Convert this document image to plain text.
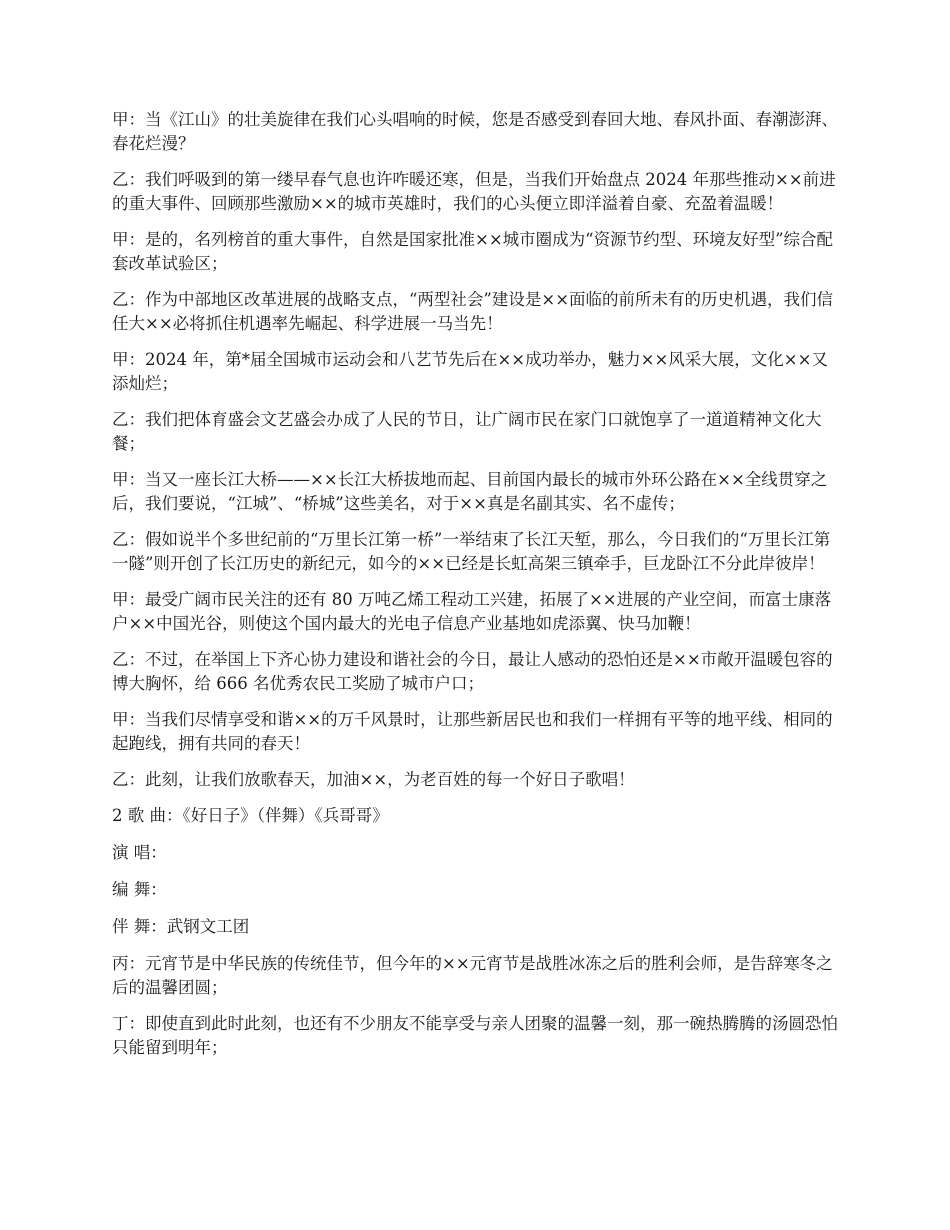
甲：当《江山》的壮美旋律在我们心头唱响的时候，您是否感受到春回大地、春风扑面、春潮澎湃、春花烂漫？

乙：我们呼吸到的第一缕早春气息也许咋暖还寒，但是，当我们开始盘点 2024 年那些推动××前进的重大事件、回顾那些激励××的城市英雄时，我们的心头便立即洋溢着自豪、充盈着温暖！

甲：是的，名列榜首的重大事件，自然是国家批准××城市圈成为“资源节约型、环境友好型”综合配套改革试验区；

乙：作为中部地区改革进展的战略支点，“两型社会”建设是××面临的前所未有的历史机遇，我们信任大××必将抓住机遇率先崛起、科学进展一马当先！

甲：2024 年，第*届全国城市运动会和八艺节先后在××成功举办，魅力××风采大展，文化××又添灿烂；

乙：我们把体育盛会文艺盛会办成了人民的节日，让广阔市民在家门口就饱享了一道道精神文化大餐；

甲：当又一座长江大桥——××长江大桥拔地而起、目前国内最长的城市外环公路在××全线贯穿之后，我们要说，“江城”、“桥城”这些美名，对于××真是名副其实、名不虚传；

乙：假如说半个多世纪前的“万里长江第一桥”一举结束了长江天堑，那么，今日我们的“万里长江第一隧”则开创了长江历史的新纪元，如今的××已经是长虹高架三镇牵手，巨龙卧江不分此岸彼岸！

甲：最受广阔市民关注的还有 80 万吨乙烯工程动工兴建，拓展了××进展的产业空间，而富士康落户××中国光谷，则使这个国内最大的光电子信息产业基地如虎添翼、快马加鞭！

乙：不过，在举国上下齐心协力建设和谐社会的今日，最让人感动的恐怕还是××市敞开温暖包容的博大胸怀，给 666 名优秀农民工奖励了城市户口；

甲：当我们尽情享受和谐××的万千风景时，让那些新居民也和我们一样拥有平等的地平线、相同的起跑线，拥有共同的春天！

乙：此刻，让我们放歌春天，加油××，为老百姓的每一个好日子歌唱！

2 歌 曲：《好日子》（伴舞）《兵哥哥》

演 唱：

编 舞：

伴 舞：武钢文工团

丙：元宵节是中华民族的传统佳节，但今年的××元宵节是战胜冰冻之后的胜利会师，是告辞寒冬之后的温馨团圆；

丁：即使直到此时此刻，也还有不少朋友不能享受与亲人团聚的温馨一刻，那一碗热腾腾的汤圆恐怕只能留到明年；
